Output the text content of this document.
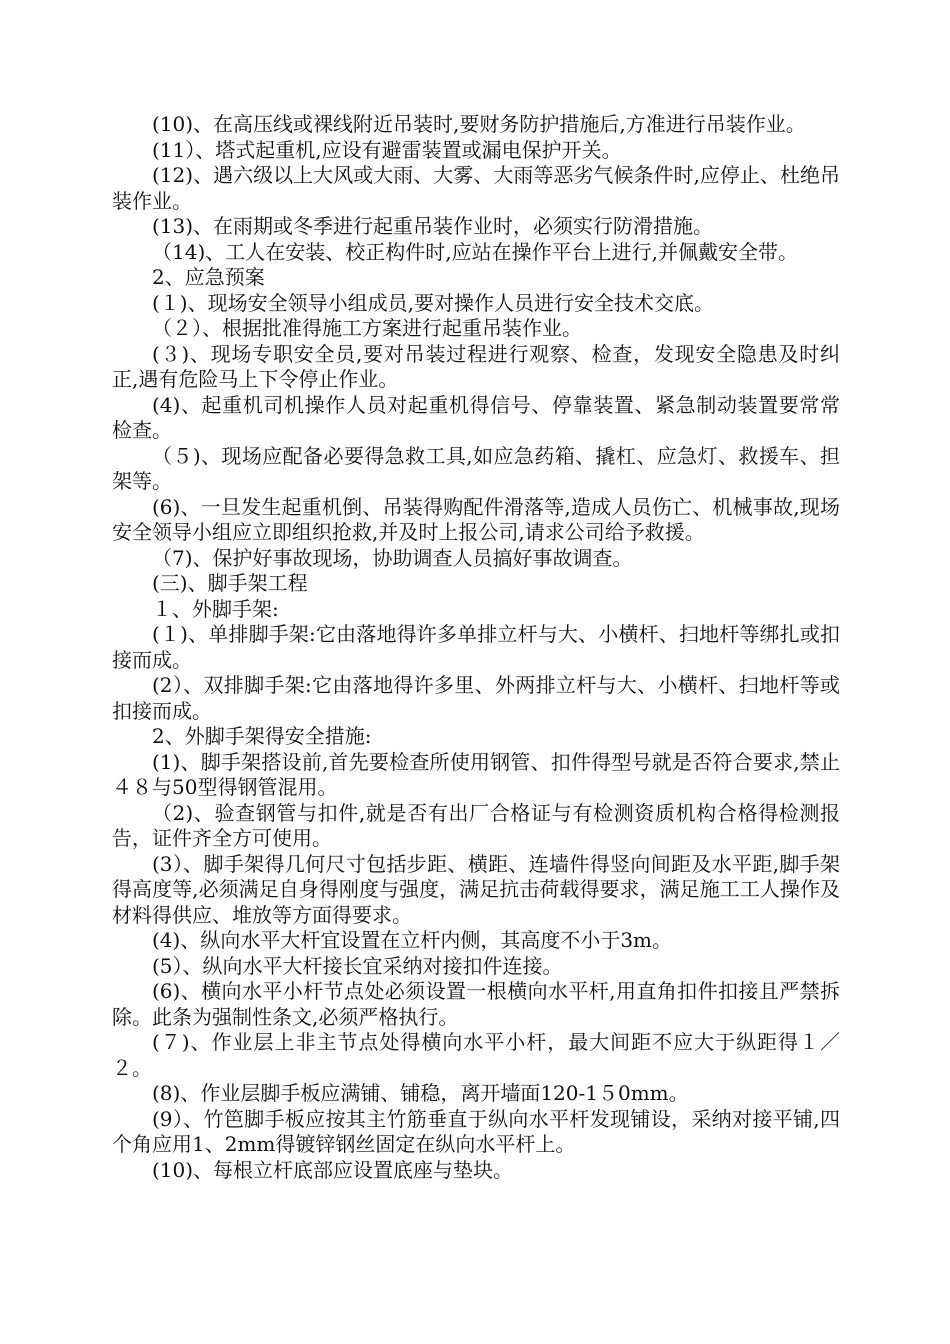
(10)、在高压线或裸线附近吊装时,要财务防护措施后,方准进行吊装作业。

(11）、塔式起重机,应设有避雷装置或漏电保护开关。

(12)、遇六级以上大风或大雨、大雾、大雨等恶劣气候条件时,应停止、杜绝吊装作业。

(13)、在雨期或冬季进行起重吊装作业时，必须实行防滑措施。

（14)、工人在安装、校正构件时,应站在操作平台上进行,并佩戴安全带。

2、应急预案

(１)、现场安全领导小组成员,要对操作人员进行安全技术交底。

（２）、根据批准得施工方案进行起重吊装作业。

(３)、现场专职安全员,要对吊装过程进行观察、检查，发现安全隐患及时纠正,遇有危险马上下令停止作业。

(4)、起重机司机操作人员对起重机得信号、停靠装置、紧急制动装置要常常检查。

（５)、现场应配备必要得急救工具,如应急药箱、撬杠、应急灯、救援车、担架等。

(6)、一旦发生起重机倒、吊装得购配件滑落等,造成人员伤亡、机械事故,现场安全领导小组应立即组织抢救,并及时上报公司,请求公司给予救援。

（7)、保护好事故现场，协助调查人员搞好事故调查。

(三)、脚手架工程

１、外脚手架:

(１)、单排脚手架:它由落地得许多单排立杆与大、小横杆、扫地杆等绑扎或扣接而成。

(2）、双排脚手架:它由落地得许多里、外两排立杆与大、小横杆、扫地杆等或扣接而成。

2、外脚手架得安全措施:

(1)、脚手架搭设前,首先要检查所使用钢管、扣件得型号就是否符合要求,禁止４８与50型得钢管混用。

（2)、验查钢管与扣件,就是否有出厂合格证与有检测资质机构合格得检测报告，证件齐全方可使用。

(3）、脚手架得几何尺寸包括步距、横距、连墙件得竖向间距及水平距,脚手架得高度等,必须满足自身得刚度与强度，满足抗击荷载得要求，满足施工工人操作及材料得供应、堆放等方面得要求。

(4)、纵向水平大杆宜设置在立杆内侧，其高度不小于3m。

(5）、纵向水平大杆接长宜采纳对接扣件连接。

(6)、横向水平小杆节点处必须设置一根横向水平杆,用直角扣件扣接且严禁拆除。此条为强制性条文,必须严格执行。

(７)、作业层上非主节点处得横向水平小杆，最大间距不应大于纵距得１／２。

(8)、作业层脚手板应满铺、铺稳，离开墙面120-1５0mm。

(9）、竹笆脚手板应按其主竹筋垂直于纵向水平杆发现铺设，采纳对接平铺,四个角应用1、2mm得镀锌钢丝固定在纵向水平杆上。

(10)、每根立杆底部应设置底座与垫块。
